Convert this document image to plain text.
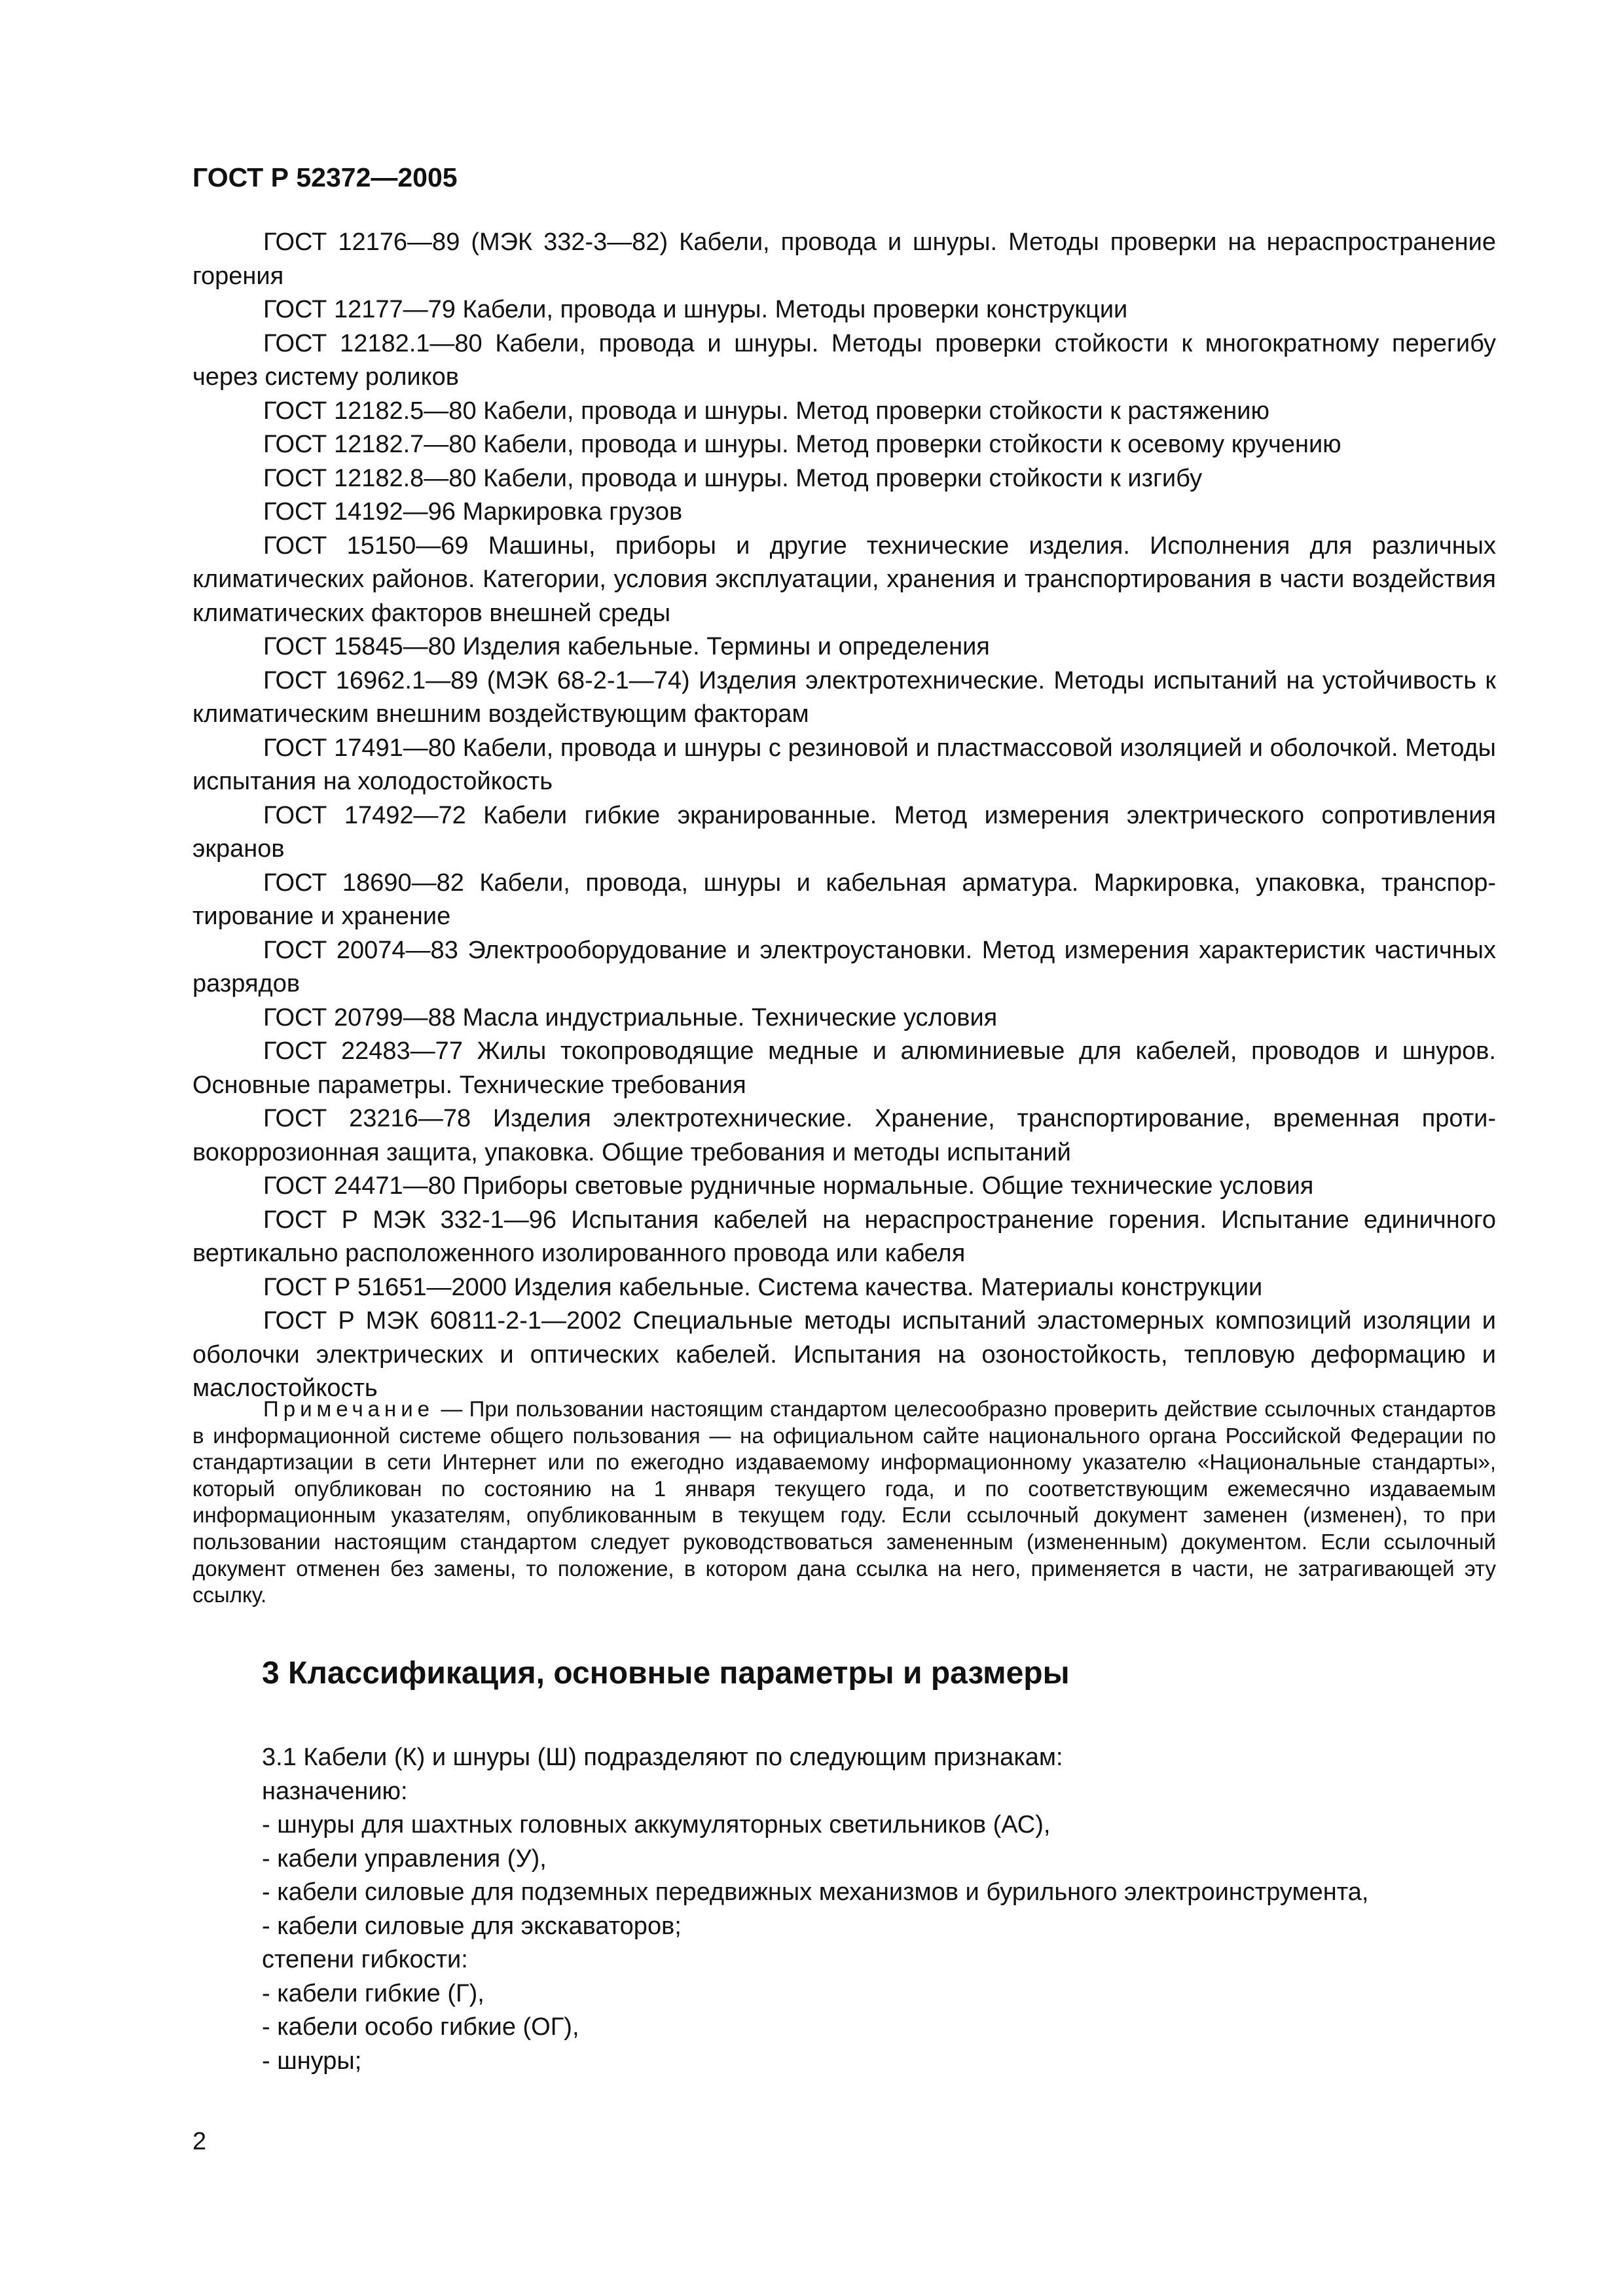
ГОСТ Р 52372—2005

ГОСТ 12176—89 (МЭК 332-3—82) Кабели, провода и шнуры. Методы проверки на нераспространение горения

ГОСТ 12177—79 Кабели, провода и шнуры. Методы проверки конструкции

ГОСТ 12182.1—80 Кабели, провода и шнуры. Методы проверки стойкости к многократному перегибу через систему роликов

ГОСТ 12182.5—80 Кабели, провода и шнуры. Метод проверки стойкости к растяжению

ГОСТ 12182.7—80 Кабели, провода и шнуры. Метод проверки стойкости к осевому кручению

ГОСТ 12182.8—80 Кабели, провода и шнуры. Метод проверки стойкости к изгибу

ГОСТ 14192—96 Маркировка грузов

ГОСТ 15150—69 Машины, приборы и другие технические изделия. Исполнения для различных климатических районов. Категории, условия эксплуатации, хранения и транспортирования в части воздействия климатических факторов внешней среды

ГОСТ 15845—80 Изделия кабельные. Термины и определения

ГОСТ 16962.1—89 (МЭК 68-2-1—74) Изделия электротехнические. Методы испытаний на устойчивость к климатическим внешним воздействующим факторам

ГОСТ 17491—80 Кабели, провода и шнуры с резиновой и пластмассовой изоляцией и оболочкой. Методы испытания на холодостойкость

ГОСТ 17492—72 Кабели гибкие экранированные. Метод измерения электрического сопротивления экранов

ГОСТ 18690—82 Кабели, провода, шнуры и кабельная арматура. Маркировка, упаковка, транспортирование и хранение

ГОСТ 20074—83 Электрооборудование и электроустановки. Метод измерения характеристик частичных разрядов

ГОСТ 20799—88 Масла индустриальные. Технические условия

ГОСТ 22483—77 Жилы токопроводящие медные и алюминиевые для кабелей, проводов и шнуров. Основные параметры. Технические требования

ГОСТ 23216—78 Изделия электротехнические. Хранение, транспортирование, временная противокоррозионная защита, упаковка. Общие требования и методы испытаний

ГОСТ 24471—80 Приборы световые рудничные нормальные. Общие технические условия

ГОСТ Р МЭК 332-1—96 Испытания кабелей на нераспространение горения. Испытание единичного вертикально расположенного изолированного провода или кабеля

ГОСТ Р 51651—2000 Изделия кабельные. Система качества. Материалы конструкции

ГОСТ Р МЭК 60811-2-1—2002 Специальные методы испытаний эластомерных композиций изоляции и оболочки электрических и оптических кабелей. Испытания на озоностойкость, тепловую деформацию и маслостойкость

Примечание — При пользовании настоящим стандартом целесообразно проверить действие ссылочных стандартов в информационной системе общего пользования — на официальном сайте национального органа Российской Федерации по стандартизации в сети Интернет или по ежегодно издаваемому информационному указателю «Национальные стандарты», который опубликован по состоянию на 1 января текущего года, и по соответствующим ежемесячно издаваемым информационным указателям, опубликованным в текущем году. Если ссылочный документ заменен (изменен), то при пользовании настоящим стандартом следует руководствоваться замененным (измененным) документом. Если ссылочный документ отменен без замены, то положение, в котором дана ссылка на него, применяется в части, не затрагивающей эту ссылку.

3 Классификация, основные параметры и размеры
3.1 Кабели (К) и шнуры (Ш) подразделяют по следующим признакам:
назначению:
- шнуры для шахтных головных аккумуляторных светильников (АС),
- кабели управления (У),
- кабели силовые для подземных передвижных механизмов и бурильного электроинструмента,
- кабели силовые для экскаваторов;
степени гибкости:
- кабели гибкие (Г),
- кабели особо гибкие (ОГ),
- шнуры;
2
